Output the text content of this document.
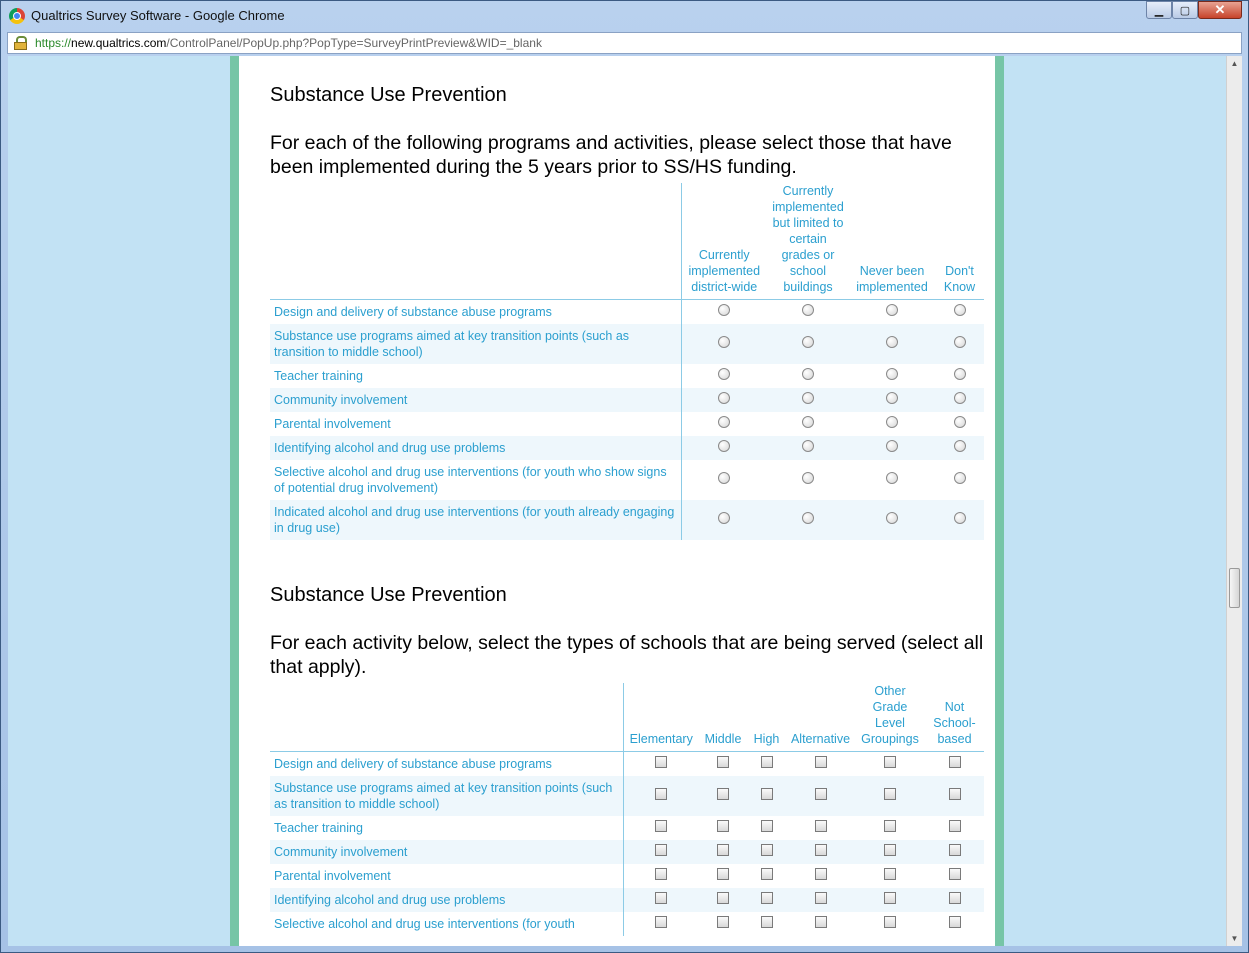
Qualtrics Survey Software - Google Chrome	▁	▢	✕
https://new.qualtrics.com/ControlPanel/PopUp.php?PopType=SurveyPrintPreview&WID=_blank

Substance Use Prevention

For each of the following programs and activities, please select those that have been implemented during the 5 years prior to SS/HS funding.

	Currently implemented district-wide	Currently implemented but limited to certain grades or school buildings	Never been implemented	Don't Know
Design and delivery of substance abuse programs				
Substance use programs aimed at key transition points (such as transition to middle school)				
Teacher training				
Community involvement				
Parental involvement				
Identifying alcohol and drug use problems				
Selective alcohol and drug use interventions (for youth who show signs of potential drug involvement)				
Indicated alcohol and drug use interventions (for youth already engaging in drug use)				

Substance Use Prevention

For each activity below, select the types of schools that are being served (select all that apply).

	Elementary	Middle	High	Alternative	Other Grade Level Groupings	Not School-based
Design and delivery of substance abuse programs						
Substance use programs aimed at key transition points (such as transition to middle school)						
Teacher training						
Community involvement						
Parental involvement						
Identifying alcohol and drug use problems						
Selective alcohol and drug use interventions (for youth						
▲
▼
